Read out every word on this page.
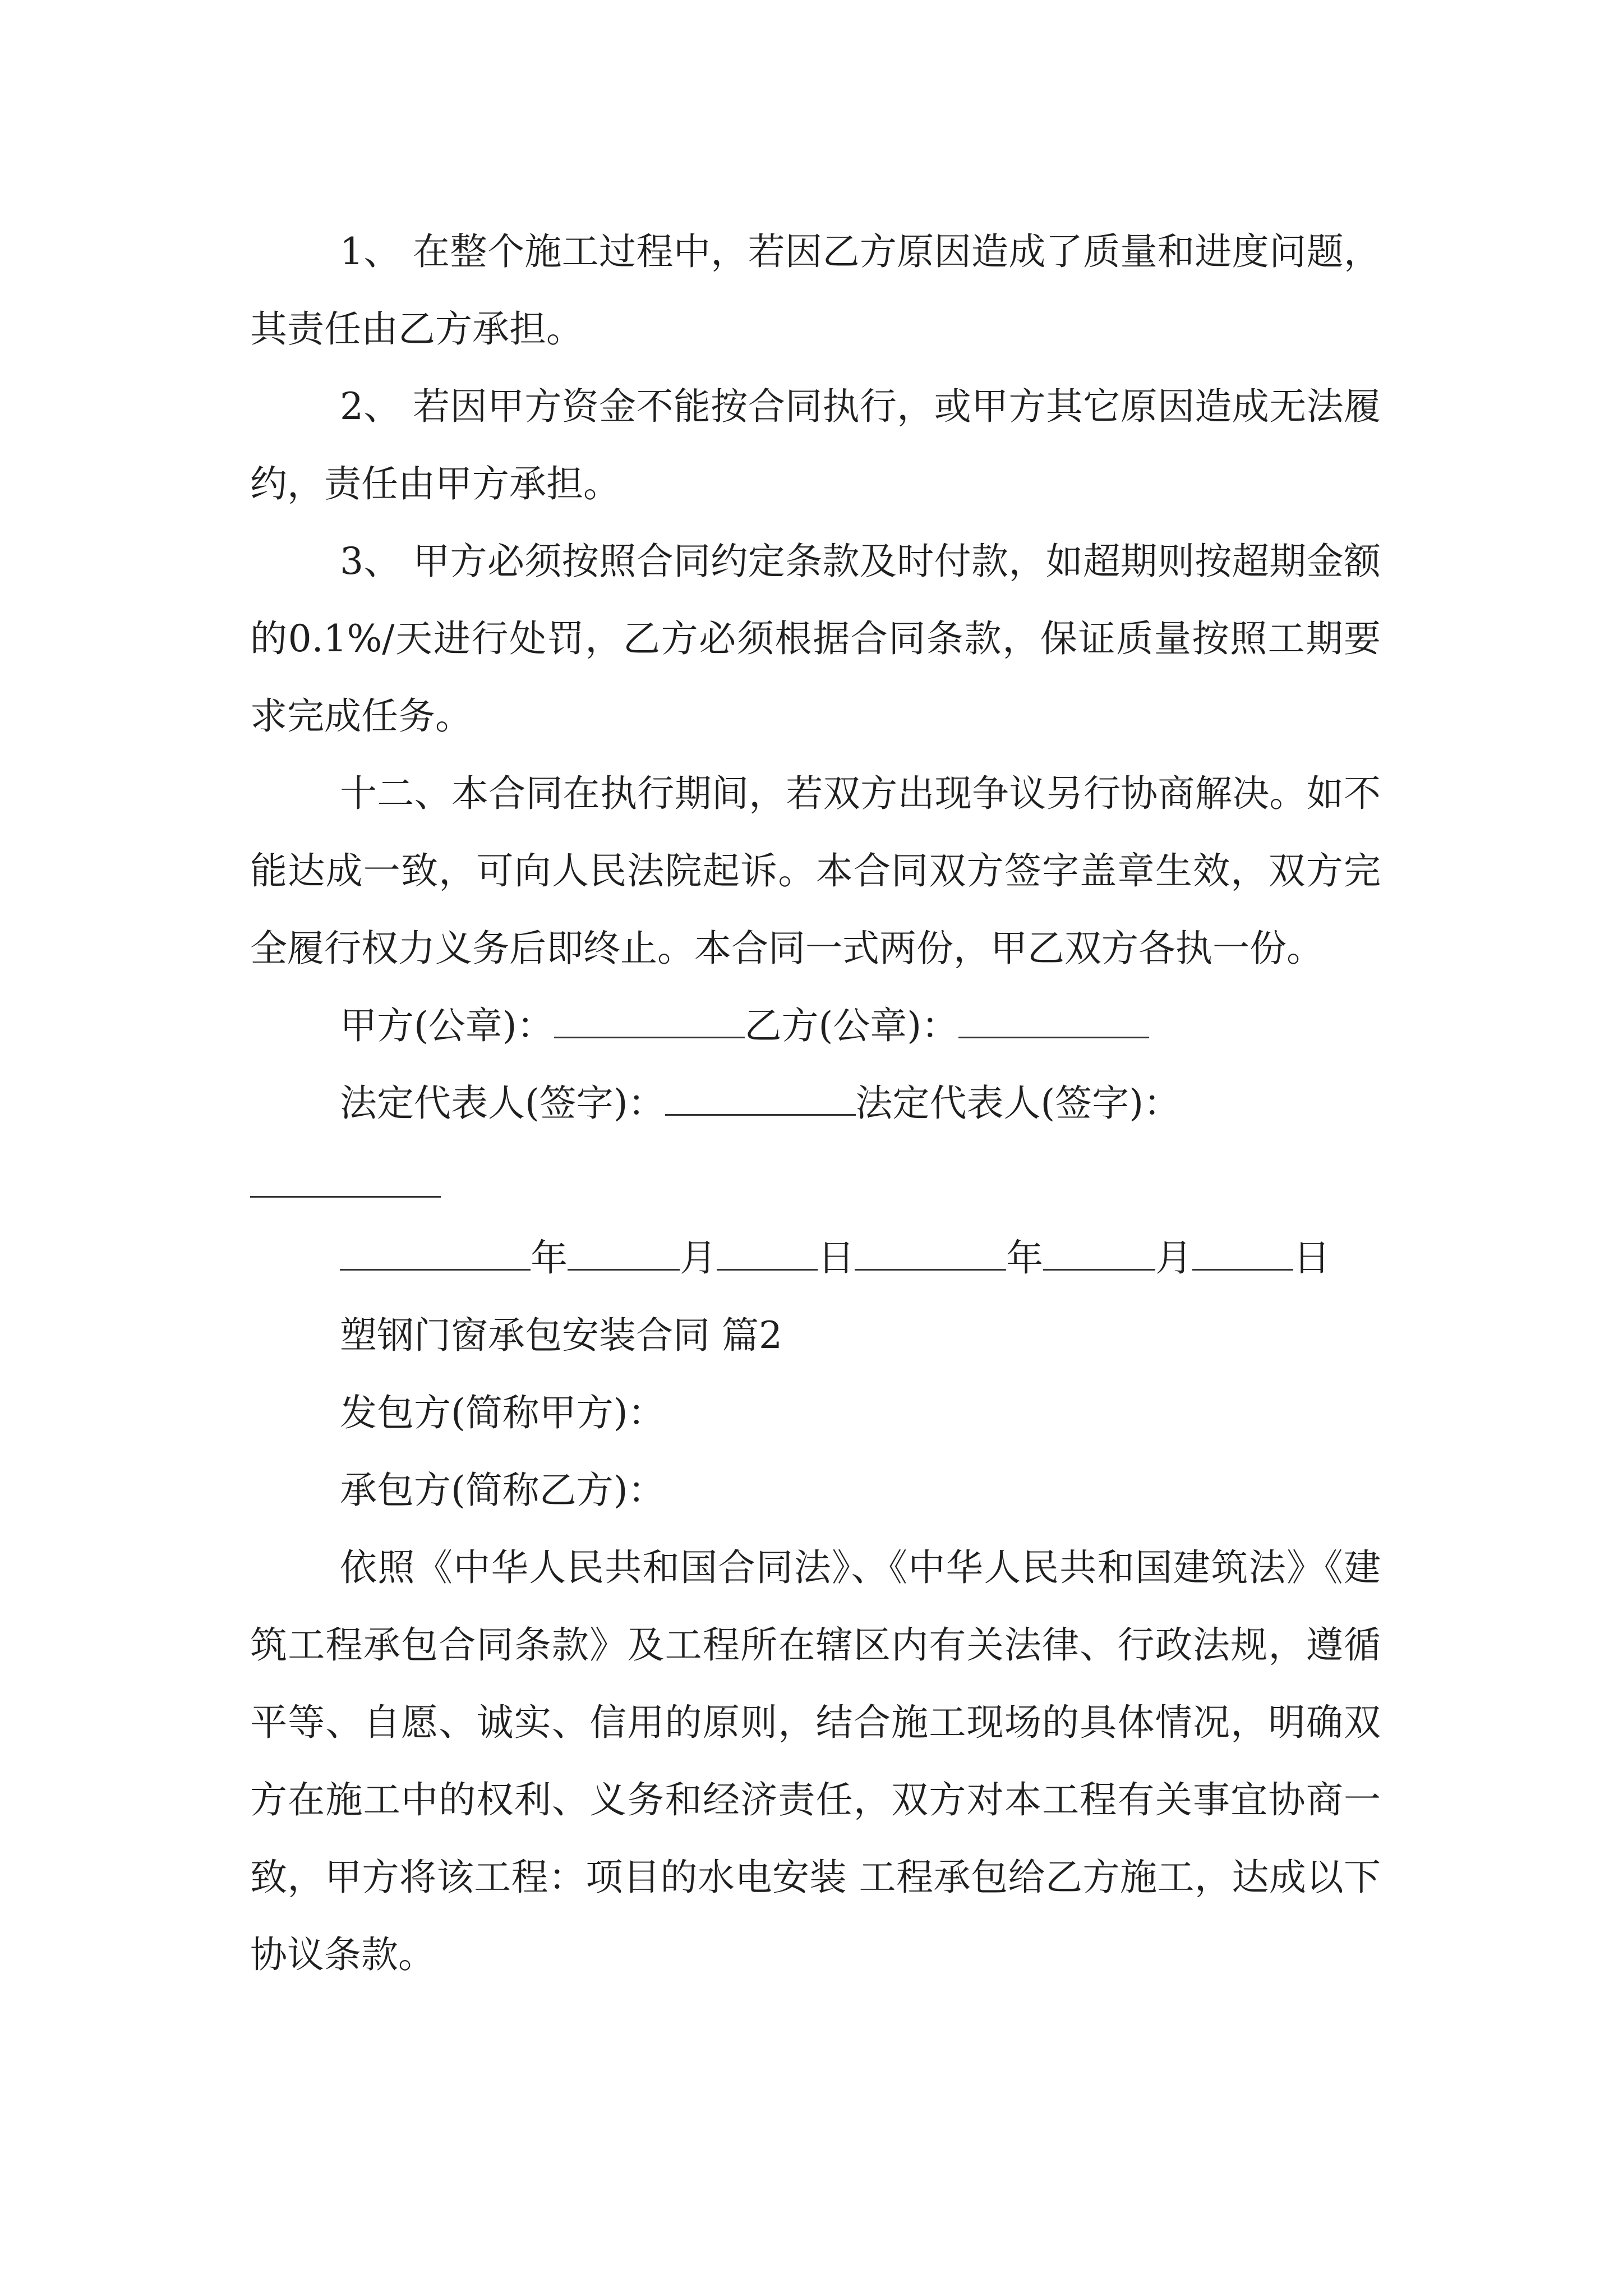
1、 在整个施工过程中，若因乙方原因造成了质量和进度问题，其责任由乙方承担。

2、 若因甲方资金不能按合同执行，或甲方其它原因造成无法履约，责任由甲方承担。

3、 甲方必须按照合同约定条款及时付款，如超期则按超期金额的0.1%/天进行处罚，乙方必须根据合同条款，保证质量按照工期要求完成任务。

十二、本合同在执行期间，若双方出现争议另行协商解决。如不能达成一致，可向人民法院起诉。本合同双方签字盖章生效，双方完全履行权力义务后即终止。本合同一式两份，甲乙双方各执一份。

甲方(公章)：	乙方(公章)：
法定代表人(签字)：	法定代表人(签字)：
年	月	日	年	月	日

塑钢门窗承包安装合同 篇2

发包方(简称甲方)：

承包方(简称乙方)：

依照《中华人民共和国合同法》、《中华人民共和国建筑法》《建筑工程承包合同条款》及工程所在辖区内有关法律、行政法规，遵循平等、自愿、诚实、信用的原则，结合施工现场的具体情况，明确双方在施工中的权利、义务和经济责任，双方对本工程有关事宜协商一致，甲方将该工程：项目的水电安装 工程承包给乙方施工，达成以下协议条款。
